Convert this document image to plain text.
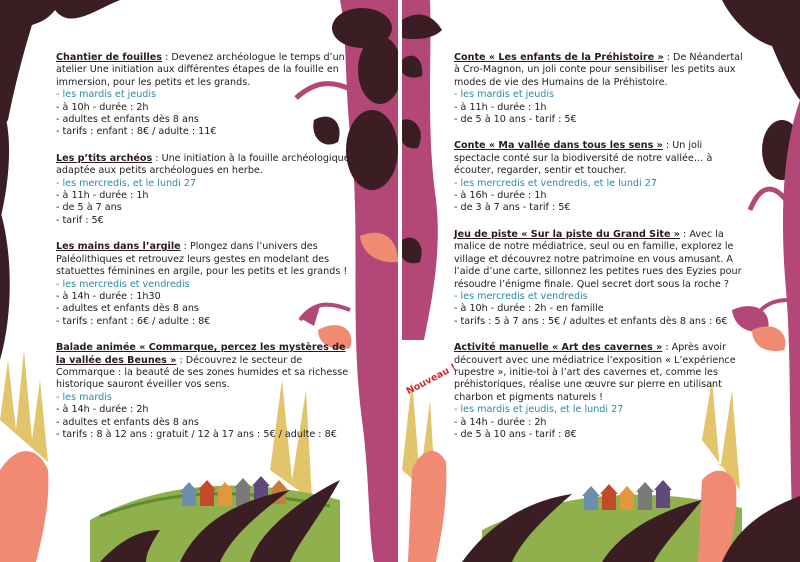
Chantier de fouilles : Devenez archéologue le temps d’un atelier Une initiation aux différentes étapes de la fouille en immersion, pour les petits et les grands.

- les mardis et jeudis

- à 10h - durée : 2h

- adultes et enfants dès 8 ans

- tarifs : enfant : 8€ / adulte : 11€

Les p’tits archéos : Une initiation à la fouille archéologique adaptée aux petits archéologues en herbe.

- les mercredis, et le lundi 27

- à 11h - durée : 1h

- de 5 à 7 ans

- tarif : 5€

Les mains dans l’argile : Plongez dans l’univers des Paléolithiques et retrouvez leurs gestes en modelant des statuettes féminines en argile, pour les petits et les grands !

- les mercredis et vendredis

- à 14h - durée : 1h30

- adultes et enfants dès 8 ans

- tarifs : enfant : 6€ / adulte : 8€

Balade animée « Commarque, percez les mystères de la vallée des Beunes » : Découvrez le secteur de Commarque : la beauté de ses zones humides et sa richesse historique sauront éveiller vos sens.

- les mardis

- à 14h - durée : 2h

- adultes et enfants dès 8 ans

- tarifs : 8 à 12 ans : gratuit / 12 à 17 ans : 5€ / adulte : 8€

Nouveau !

Conte « Les enfants de la Préhistoire » : De Néandertal à Cro-Magnon, un joli conte pour sensibiliser les petits aux modes de vie des Humains de la Préhistoire.

- les mardis et jeudis

- à 11h - durée : 1h

- de 5 à 10 ans - tarif : 5€

Conte « Ma vallée dans tous les sens » : Un joli spectacle conté sur la biodiversité de notre vallée… à écouter, regarder, sentir et toucher.

- les mercredis et vendredis, et le lundi 27

- à 16h - durée : 1h

- de 3 à 7 ans - tarif : 5€

Jeu de piste « Sur la piste du Grand Site » : Avec la malice de notre médiatrice, seul ou en famille, explorez le village et découvrez notre patrimoine en vous amusant. A l’aide d’une carte, sillonnez les petites rues des Eyzies pour résoudre l’énigme finale. Quel secret dort sous la roche ?

- les mercredis et vendredis

- à 10h - durée : 2h - en famille

- tarifs : 5 à 7 ans : 5€ / adultes et enfants dès 8 ans : 6€

Activité manuelle « Art des cavernes » : Après avoir découvert avec une médiatrice l’exposition « L’expérience rupestre », initie-toi à l’art des cavernes et, comme les préhistoriques, réalise une œuvre sur pierre en utilisant charbon et pigments naturels !

- les mardis et jeudis, et le lundi 27

- à 14h - durée : 2h

- de 5 à 10 ans - tarif : 8€
